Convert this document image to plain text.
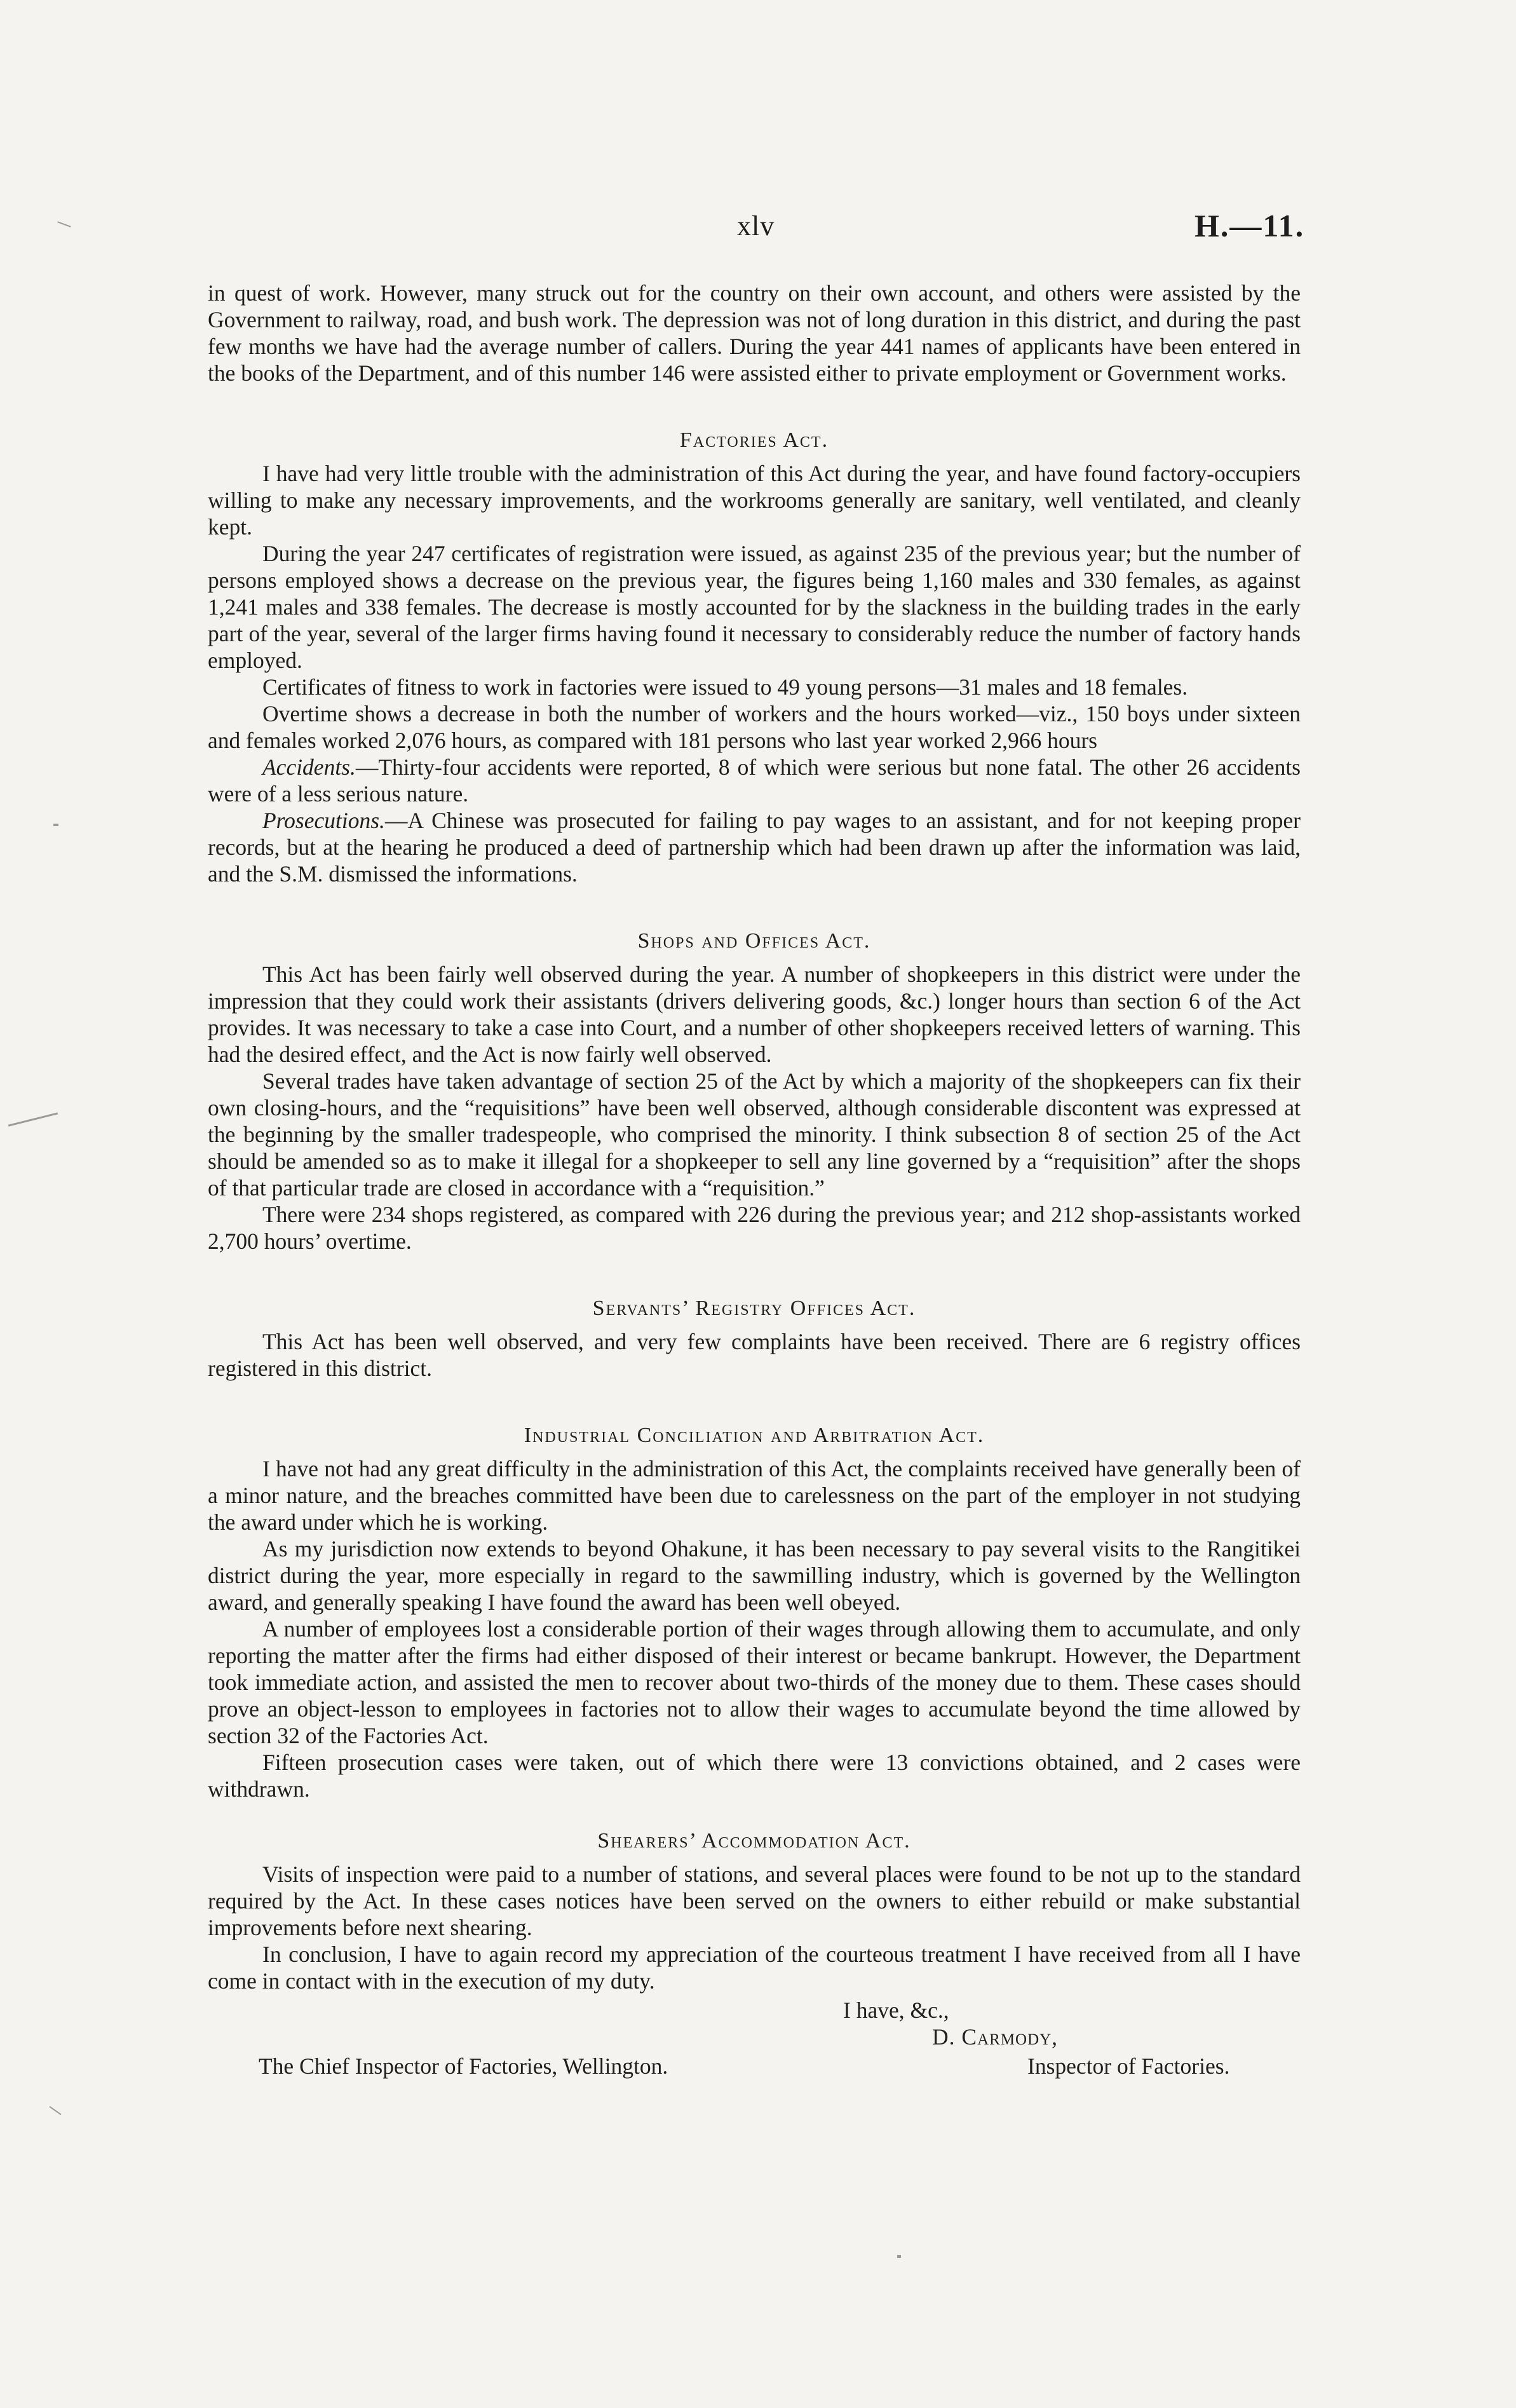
xlv	H.—11.

in quest of work. However, many struck out for the country on their own account, and others were assisted by the Government to railway, road, and bush work. The depression was not of long duration in this district, and during the past few months we have had the average number of callers. During the year 441 names of applicants have been entered in the books of the Department, and of this number 146 were assisted either to private employment or Government works.

Factories Act.

I have had very little trouble with the administration of this Act during the year, and have found factory-occupiers willing to make any necessary improvements, and the workrooms generally are sanitary, well ventilated, and cleanly kept.

During the year 247 certificates of registration were issued, as against 235 of the previous year; but the number of persons employed shows a decrease on the previous year, the figures being 1,160 males and 330 females, as against 1,241 males and 338 females. The decrease is mostly accounted for by the slackness in the building trades in the early part of the year, several of the larger firms having found it necessary to considerably reduce the number of factory hands employed.

Certificates of fitness to work in factories were issued to 49 young persons—31 males and 18 females.

Overtime shows a decrease in both the number of workers and the hours worked—viz., 150 boys under sixteen and females worked 2,076 hours, as compared with 181 persons who last year worked 2,966 hours

Accidents.—Thirty-four accidents were reported, 8 of which were serious but none fatal. The other 26 accidents were of a less serious nature.

Prosecutions.—A Chinese was prosecuted for failing to pay wages to an assistant, and for not keeping proper records, but at the hearing he produced a deed of partnership which had been drawn up after the information was laid, and the S.M. dismissed the informations.

Shops and Offices Act.

This Act has been fairly well observed during the year. A number of shopkeepers in this district were under the impression that they could work their assistants (drivers delivering goods, &c.) longer hours than section 6 of the Act provides. It was necessary to take a case into Court, and a number of other shopkeepers received letters of warning. This had the desired effect, and the Act is now fairly well observed.

Several trades have taken advantage of section 25 of the Act by which a majority of the shopkeepers can fix their own closing-hours, and the “requisitions” have been well observed, although considerable discontent was expressed at the beginning by the smaller tradespeople, who comprised the minority. I think subsection 8 of section 25 of the Act should be amended so as to make it illegal for a shopkeeper to sell any line governed by a “requisition” after the shops of that particular trade are closed in accordance with a “requisition.”

There were 234 shops registered, as compared with 226 during the previous year; and 212 shop-assistants worked 2,700 hours’ overtime.

Servants’ Registry Offices Act.

This Act has been well observed, and very few complaints have been received. There are 6 registry offices registered in this district.

Industrial Conciliation and Arbitration Act.

I have not had any great difficulty in the administration of this Act, the complaints received have generally been of a minor nature, and the breaches committed have been due to carelessness on the part of the employer in not studying the award under which he is working.

As my jurisdiction now extends to beyond Ohakune, it has been necessary to pay several visits to the Rangitikei district during the year, more especially in regard to the sawmilling industry, which is governed by the Wellington award, and generally speaking I have found the award has been well obeyed.

A number of employees lost a considerable portion of their wages through allowing them to accumulate, and only reporting the matter after the firms had either disposed of their interest or became bankrupt. However, the Department took immediate action, and assisted the men to recover about two-thirds of the money due to them. These cases should prove an object-lesson to employees in factories not to allow their wages to accumulate beyond the time allowed by section 32 of the Factories Act.

Fifteen prosecution cases were taken, out of which there were 13 convictions obtained, and 2 cases were withdrawn.

Shearers’ Accommodation Act.

Visits of inspection were paid to a number of stations, and several places were found to be not up to the standard required by the Act. In these cases notices have been served on the owners to either rebuild or make substantial improvements before next shearing.

In conclusion, I have to again record my appreciation of the courteous treatment I have received from all I have come in contact with in the execution of my duty.

I have, &c.,
D. Carmody,
The Chief Inspector of Factories, Wellington.	Inspector of Factories.
